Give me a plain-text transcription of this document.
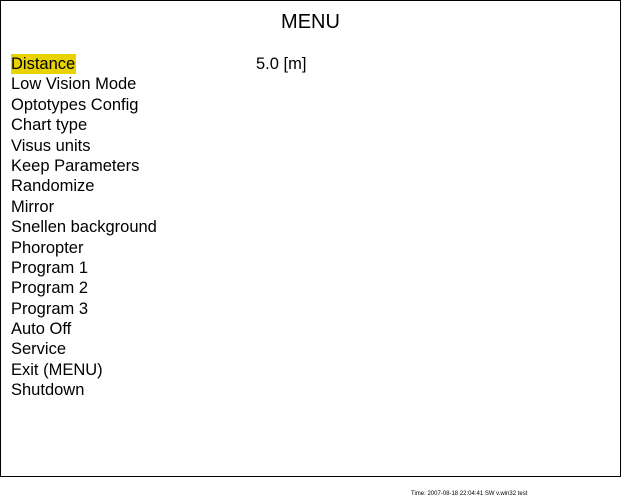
MENU
Distance
Low Vision Mode
Optotypes Config
Chart type
Visus units
Keep Parameters
Randomize
Mirror
Snellen background
Phoropter
Program 1
Program 2
Program 3
Auto Off
Service
Exit (MENU)
Shutdown
5.0 [m]
Time: 2007-08-18 22:04:41 SW v.win32 test
